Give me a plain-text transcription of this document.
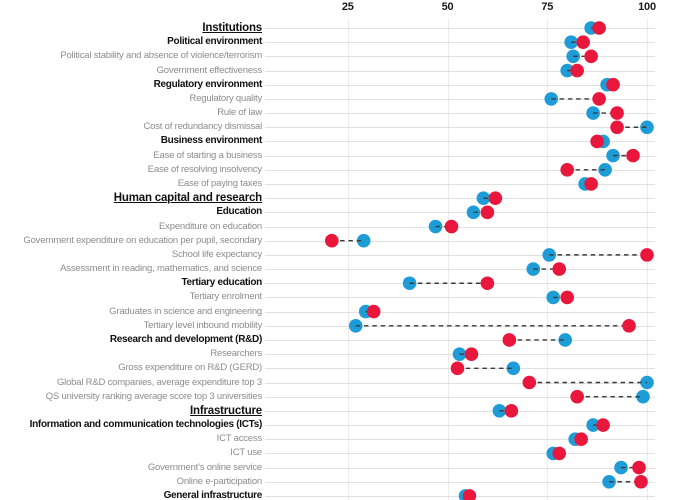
25	50	75	100
Institutions
Political environment
Political stability and absence of violence/terrorism
Government effectiveness
Regulatory environment
Regulatory quality
Rule of law
Cost of redundancy dismissal
Business environment
Ease of starting a business
Ease of resolving insolvency
Ease of paying taxes
Human capital and research
Education
Expenditure on education
Government expenditure on education per pupil, secondary
School life expectancy
Assessment in reading, mathematics, and science
Tertiary education
Tertiary enrolment
Graduates in science and engineering
Tertiary level inbound mobility
Research and development (R&D)
Researchers
Gross expenditure on R&D (GERD)
Global R&D companies, average expenditure top 3
QS university ranking average score top 3 universities
Infrastructure
Information and communication technologies (ICTs)
ICT access
ICT use
Government's online service
Online e-participation
General infrastructure
